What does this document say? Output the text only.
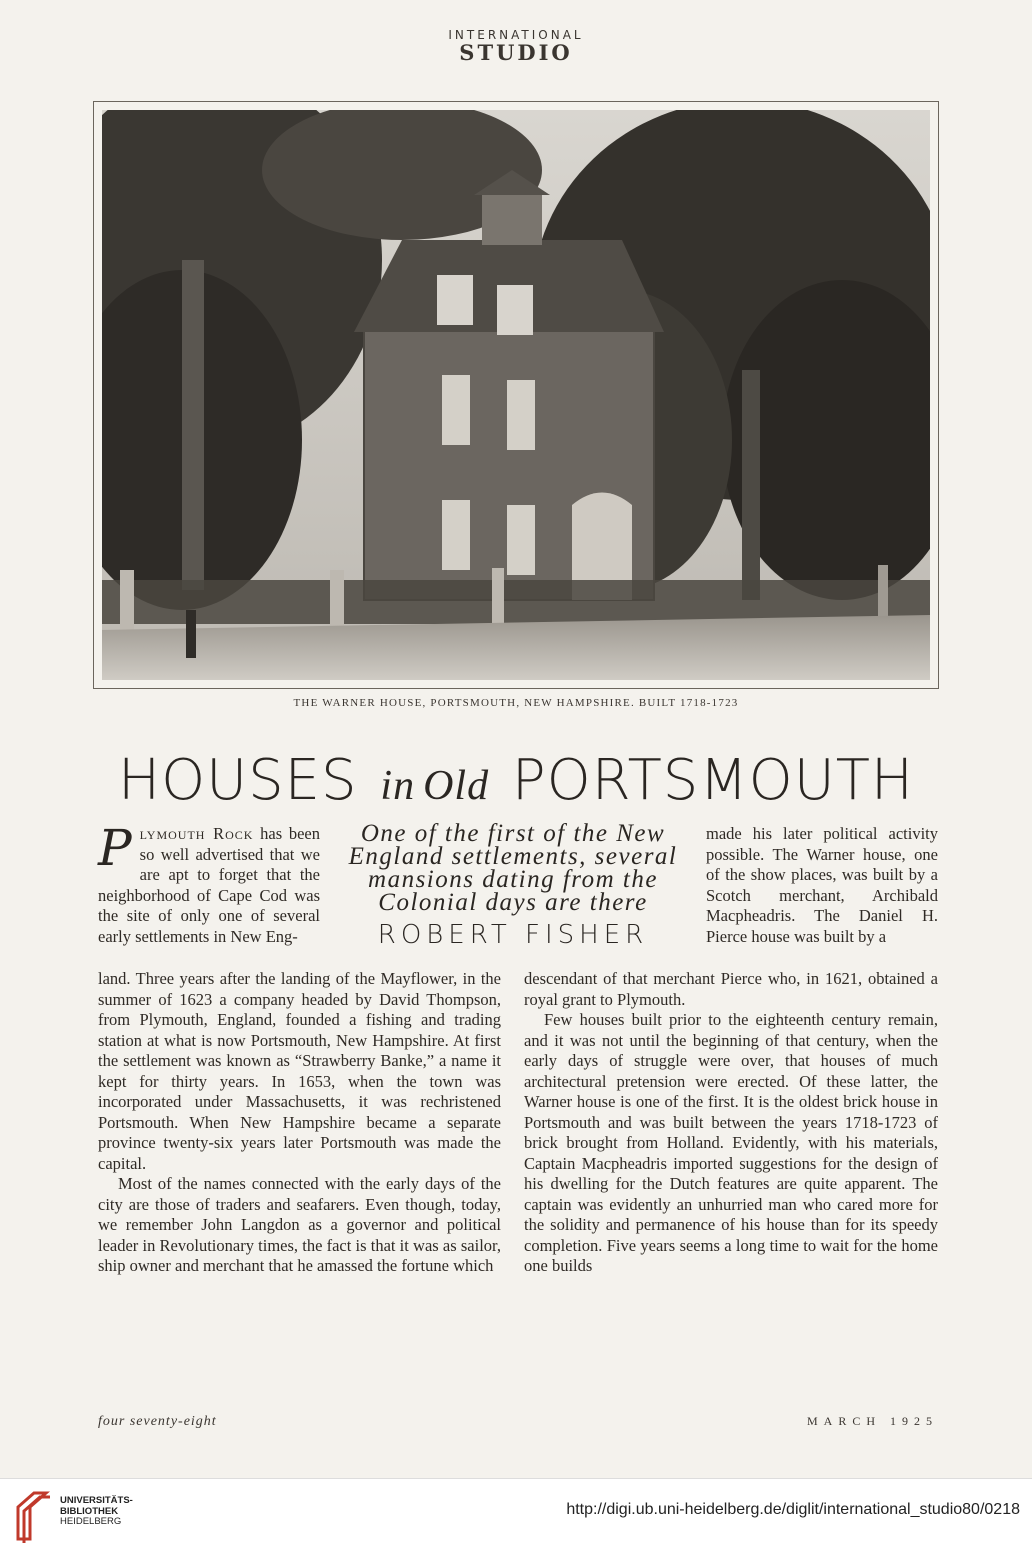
INTERNATIONAL
STUDIO
THE WARNER HOUSE, PORTSMOUTH, NEW HAMPSHIRE. BUILT 1718-1723
HOUSES in Old PORTSMOUTH
One of the first of the New England settlements, several mansions dating from the Colonial days are there
ROBERT FISHER
Plymouth Rock has been so well advertised that we are apt to forget that the neighborhood of Cape Cod was the site of only one of several early settlements in New Eng-

land. Three years after the landing of the Mayflower, in the summer of 1623 a company headed by David Thompson, from Plymouth, England, founded a fishing and trading station at what is now Portsmouth, New Hampshire. At first the settlement was known as “Strawberry Banke,” a name it kept for thirty years. In 1653, when the town was incorporated under Massachusetts, it was rechristened Portsmouth. When New Hampshire became a separate province twenty-six years later Portsmouth was made the capital.

Most of the names connected with the early days of the city are those of traders and seafarers. Even though, today, we remember John Langdon as a governor and political leader in Revolutionary times, the fact is that it was as sailor, ship owner and merchant that he amassed the fortune which

made his later political activity possible. The Warner house, one of the show places, was built by a Scotch merchant, Archibald Macpheadris. The Daniel H. Pierce house was built by a

descendant of that merchant Pierce who, in 1621, obtained a royal grant to Plymouth.

Few houses built prior to the eighteenth century remain, and it was not until the beginning of that century, when the early days of struggle were over, that houses of much architectural pretension were erected. Of these latter, the Warner house is one of the first. It is the oldest brick house in Portsmouth and was built between the years 1718-1723 of brick brought from Holland. Evidently, with his materials, Captain Macpheadris imported suggestions for the design of his dwelling for the Dutch features are quite apparent. The captain was evidently an unhurried man who cared more for the solidity and permanence of his house than for its speedy completion. Five years seems a long time to wait for the home one builds

four seventy-eight	MARCH 1925
UNIVERSITÄTS-
BIBLIOTHEK
HEIDELBERG
http://digi.ub.uni-heidelberg.de/diglit/international_studio80/0218
